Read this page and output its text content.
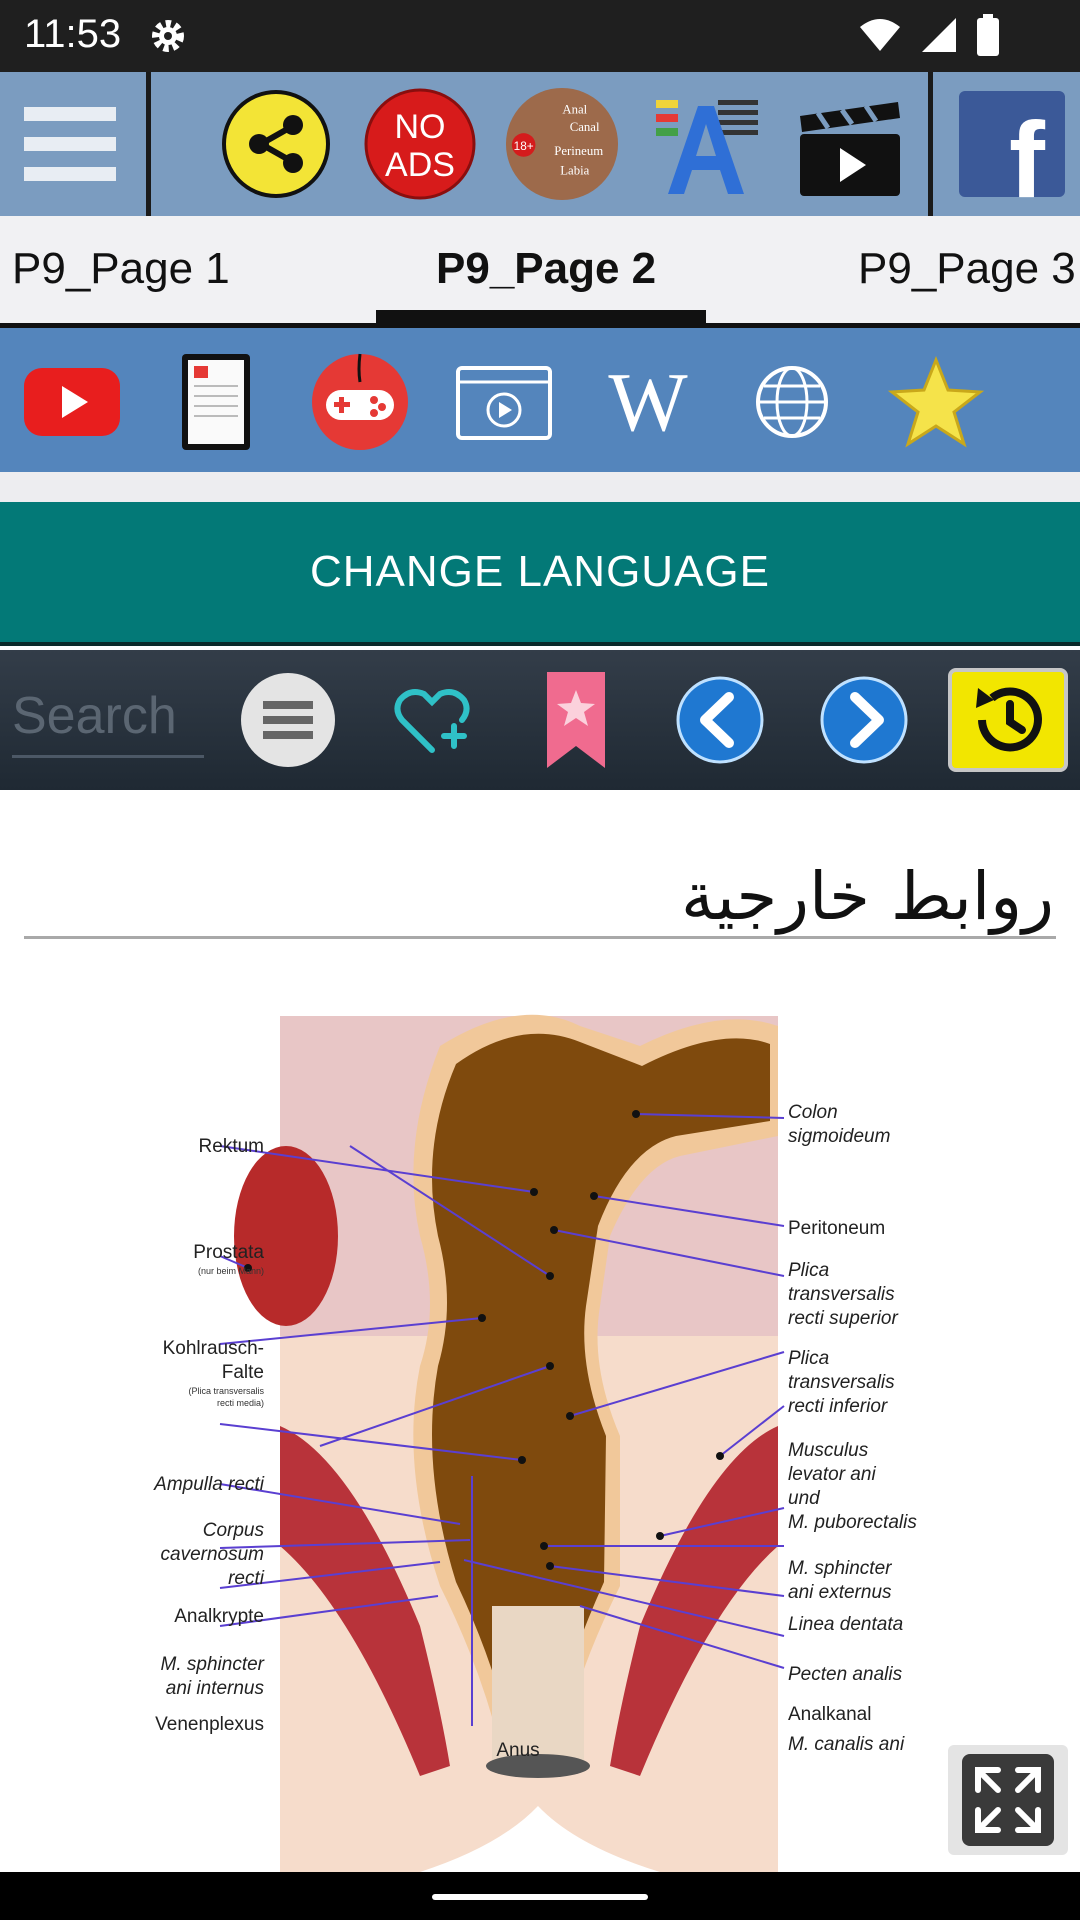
11:53
NO
ADS	18+
Anal
Canal
Perineum
Labia	f
P9_Page 1	P9_Page 2	P9_Page 3
W
CHANGE LANGUAGE
Search
روابط خارجية
Rektum
Prostata
(nur beim Mann)
Kohlrausch-
Falte
(Plica transversalis
recti media)
Ampulla recti
Corpus
cavernosum
recti
Analkrypte
M. sphincter
ani internus
Venenplexus
Colon
sigmoideum
Peritoneum
Plica
transversalis
recti superior
Plica
transversalis
recti inferior
Musculus
levator ani
und
M. puborectalis
M. sphincter
ani externus
Linea dentata
Pecten analis
Analkanal
M. canalis ani
Anus
